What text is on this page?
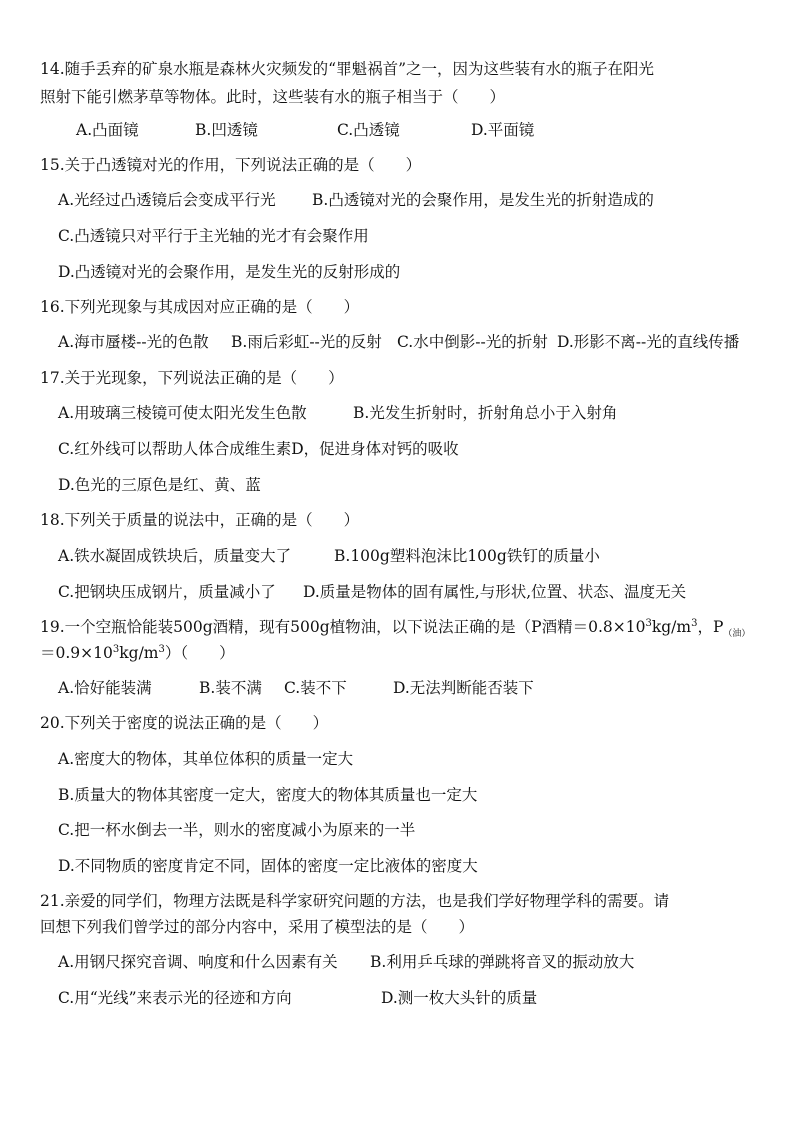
14.随手丢弃的矿泉水瓶是森林火灾频发的“罪魁祸首”之一，因为这些装有水的瓶子在阳光
照射下能引燃茅草等物体。此时，这些装有水的瓶子相当于（　　）
A.凸面镜	B.凹透镜	C.凸透镜	D.平面镜
15.关于凸透镜对光的作用，下列说法正确的是（　　）
A.光经过凸透镜后会变成平行光 B.凸透镜对光的会聚作用，是发生光的折射造成的
C.凸透镜只对平行于主光轴的光才有会聚作用
D.凸透镜对光的会聚作用，是发生光的反射形成的
16.下列光现象与其成因对应正确的是（　　）
A.海市蜃楼--光的色散 B.雨后彩虹--光的反射 C.水中倒影--光的折射 D.形影不离--光的直线传播
17.关于光现象，下列说法正确的是（　　）
A.用玻璃三棱镜可使太阳光发生色散	B.光发生折射时，折射角总小于入射角
C.红外线可以帮助人体合成维生素D，促进身体对钙的吸收
D.色光的三原色是红、黄、蓝
18.下列关于质量的说法中，正确的是（　　）
A.铁水凝固成铁块后，质量变大了	B.100g塑料泡沫比100g铁钉的质量小
C.把钢块压成钢片，质量减小了 D.质量是物体的固有属性,与形状,位置、状态、温度无关
19.一个空瓶恰能装500g酒精，现有500g植物油，以下说法正确的是（P酒精$=0.8\times 10^3kg/m^3$，$P_{(油)}$
$=0.9\times 10^3kg/m^3$）（　　）
A.恰好能装满	B.装不满 C.装不下	D.无法判断能否装下
20.下列关于密度的说法正确的是（　　）
A.密度大的物体，其单位体积的质量一定大
B.质量大的物体其密度一定大，密度大的物体其质量也一定大
C.把一杯水倒去一半，则水的密度减小为原来的一半
D.不同物质的密度肯定不同，固体的密度一定比液体的密度大
21.亲爱的同学们，物理方法既是科学家研究问题的方法，也是我们学好物理学科的需要。请
回想下列我们曾学过的部分内容中，采用了模型法的是（　　）
A.用钢尺探究音调、响度和什么因素有关 B.利用乒乓球的弹跳将音叉的振动放大
C.用“光线”来表示光的径迹和方向	D.测一枚大头针的质量
